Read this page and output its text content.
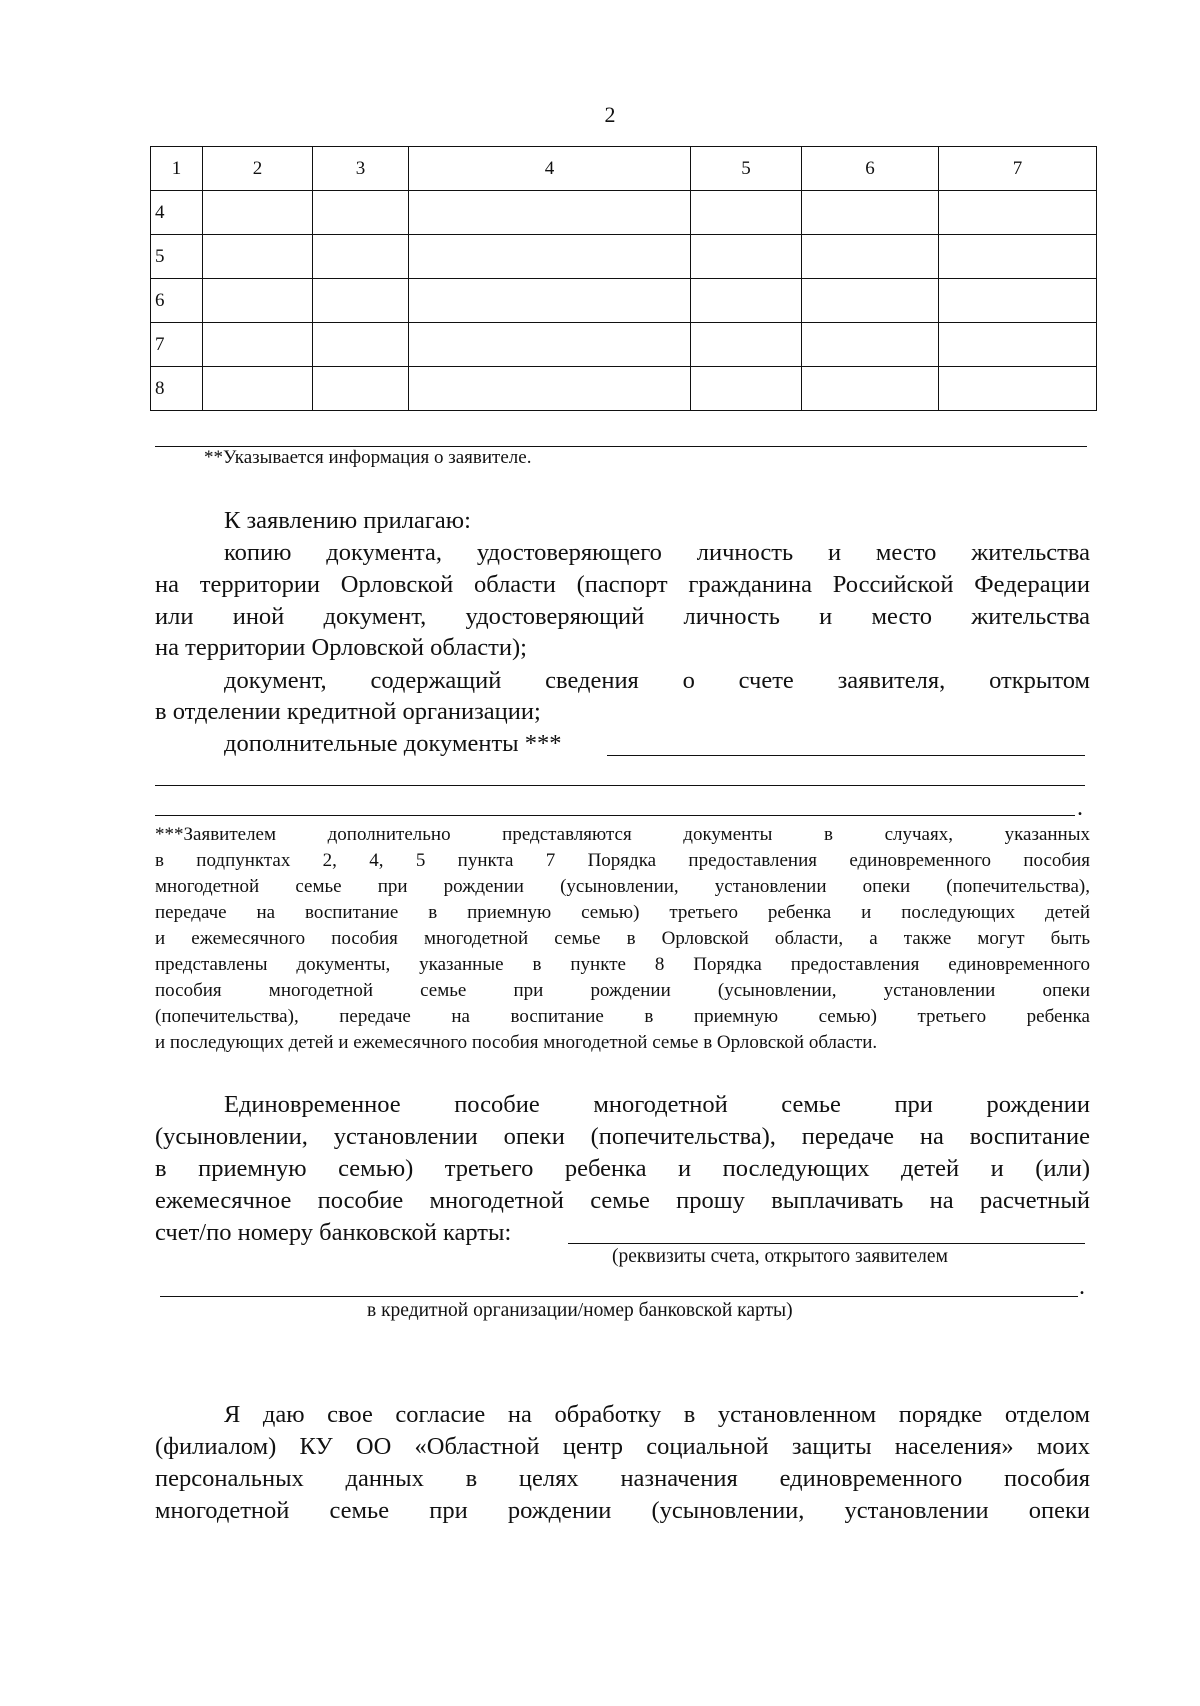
2
1	2	3	4	5	6	7
4						
5						
6						
7						
8						
**Указывается информация о заявителе.

К заявлению прилагаю:

копию документа, удостоверяющего личность и место жительства

на территории Орловской области (паспорт гражданина Российской Федерации

или иной документ, удостоверяющий личность и место жительства

на территории Орловской области);

документ, содержащий сведения о счете заявителя, открытом

в отделении кредитной организации;

дополнительные документы ***

.

***Заявителем дополнительно представляются документы в случаях, указанных

в подпунктах 2, 4, 5 пункта 7 Порядка предоставления единовременного пособия

многодетной семье при рождении (усыновлении, установлении опеки (попечительства),

передаче на воспитание в приемную семью) третьего ребенка и последующих детей

и ежемесячного пособия многодетной семье в Орловской области, а также могут быть

представлены документы, указанные в пункте 8 Порядка предоставления единовременного

пособия многодетной семье при рождении (усыновлении, установлении опеки

(попечительства), передаче на воспитание в приемную семью) третьего ребенка

и последующих детей и ежемесячного пособия многодетной семье в Орловской области.

Единовременное пособие многодетной семье при рождении

(усыновлении, установлении опеки (попечительства), передаче на воспитание

в приемную семью) третьего ребенка и последующих детей и (или)

ежемесячное пособие многодетной семье прошу выплачивать на расчетный

счет/по номеру банковской карты:

(реквизиты счета, открытого заявителем
.
в кредитной организации/номер банковской карты)

Я даю свое согласие на обработку в установленном порядке отделом

(филиалом) КУ ОО «Областной центр социальной защиты населения» моих

персональных данных в целях назначения единовременного пособия

многодетной семье при рождении (усыновлении, установлении опеки
